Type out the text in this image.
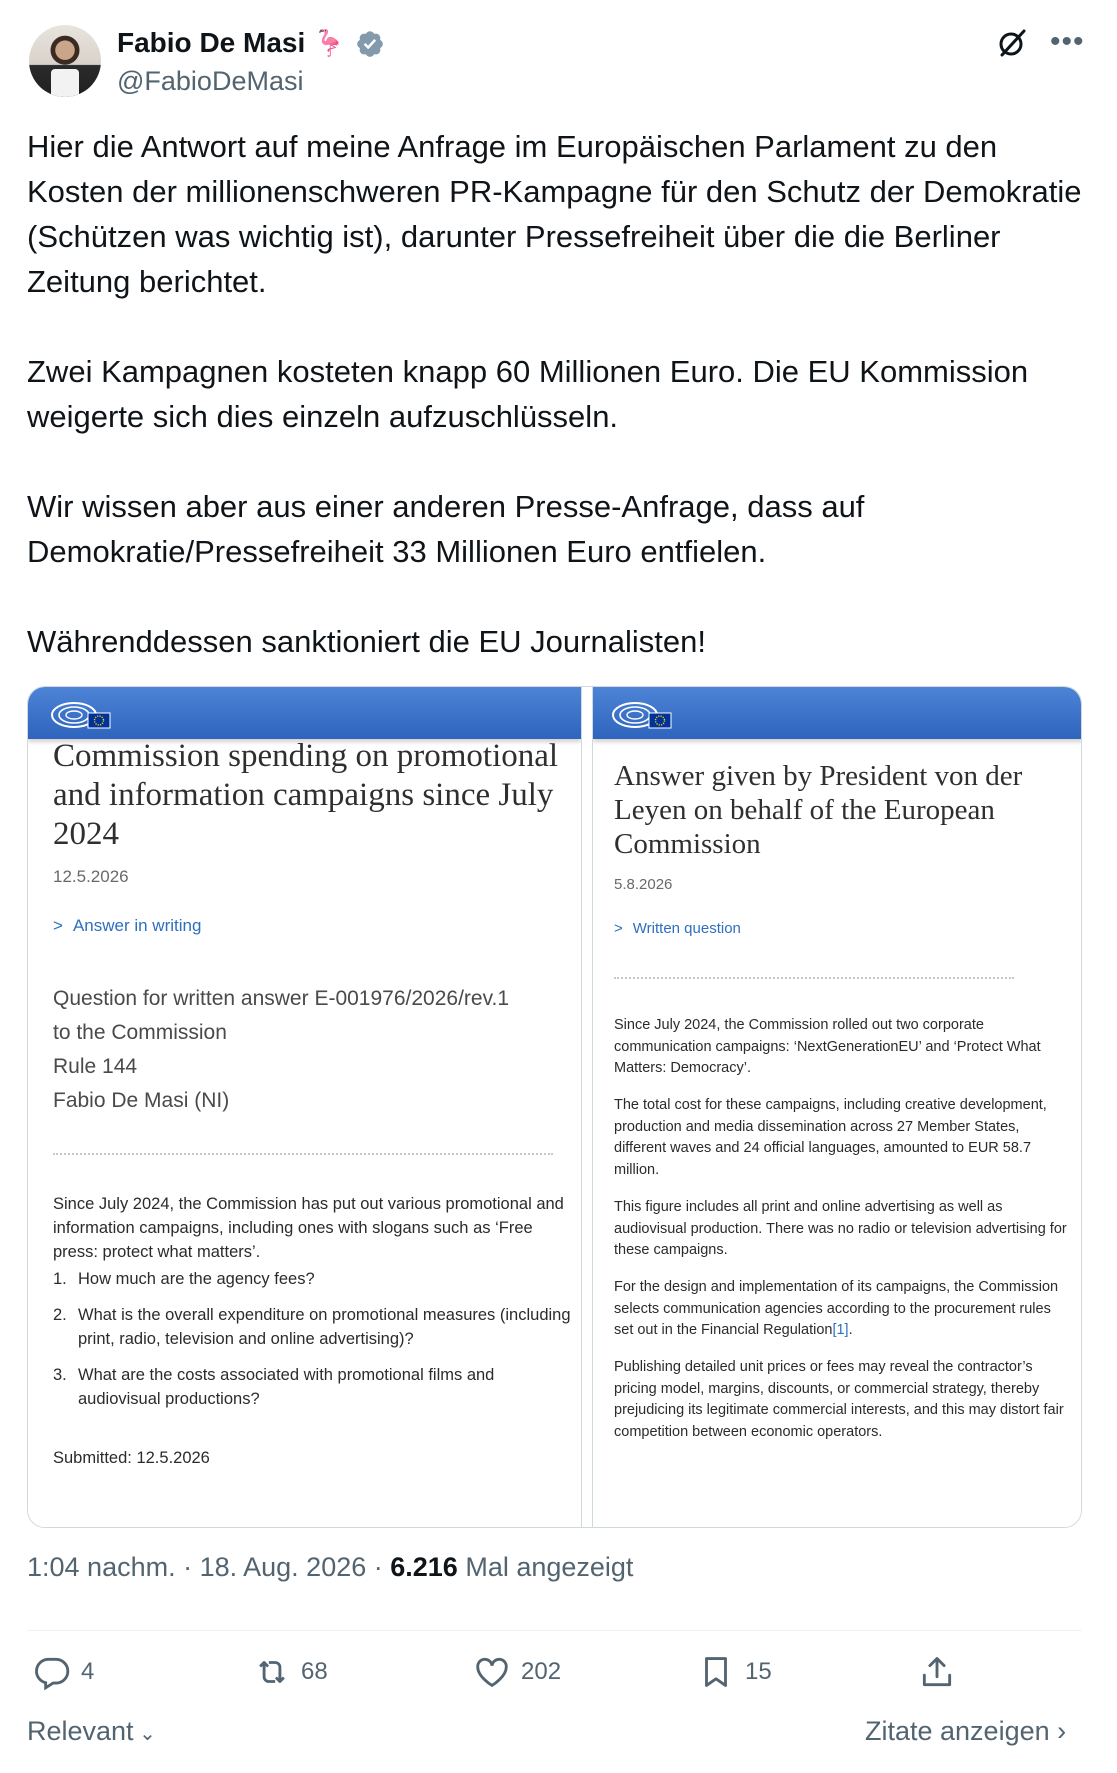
Fabio De Masi 🦩
@FabioDeMasi
•••

Hier die Antwort auf meine Anfrage im Europäischen Parlament zu den Kosten der millionenschweren PR-Kampagne für den Schutz der Demokratie (Schützen was wichtig ist), darunter Pressefreiheit über die die Berliner Zeitung berichtet.

Zwei Kampagnen kosteten knapp 60 Millionen Euro. Die EU Kommission weigerte sich dies einzeln aufzuschlüsseln.

Wir wissen aber aus einer anderen Presse-Anfrage, dass auf Demokratie/Pressefreiheit 33 Millionen Euro entfielen.

Währenddessen sanktioniert die EU Journalisten!

Commission spending on promotional and information campaigns since July 2024
12.5.2026
> Answer in writing
Question for written answer E-001976/2026/rev.1
to the Commission
Rule 144
Fabio De Masi (NI)
Since July 2024, the Commission has put out various promotional and information campaigns, including ones with slogans such as ‘Free press: protect what matters’.
1. How much are the agency fees?
2. What is the overall expenditure on promotional measures (including print, radio, television and online advertising)?
3. What are the costs associated with promotional films and audiovisual productions?
Submitted: 12.5.2026
Answer given by President von der Leyen on behalf of the European Commission
5.8.2026
> Written question
Since July 2024, the Commission rolled out two corporate communication campaigns: ‘NextGenerationEU’ and ‘Protect What Matters: Democracy’.
The total cost for these campaigns, including creative development, production and media dissemination across 27 Member States, different waves and 24 official languages, amounted to EUR 58.7 million.
This figure includes all print and online advertising as well as audiovisual production. There was no radio or television advertising for these campaigns.
For the design and implementation of its campaigns, the Commission selects communication agencies according to the procurement rules set out in the Financial Regulation[1].
Publishing detailed unit prices or fees may reveal the contractor’s pricing model, margins, discounts, or commercial strategy, thereby prejudicing its legitimate commercial interests, and this may distort fair competition between economic operators.
1:04 nachm. · 18. Aug. 2026 · 6.216 Mal angezeigt
4	68	202	15
Relevant ⌄	Zitate anzeigen ›
